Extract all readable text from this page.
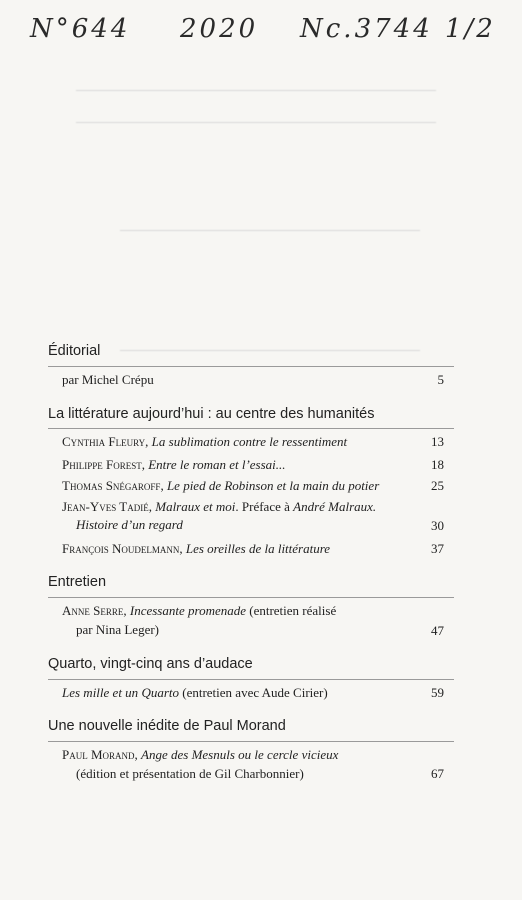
N°644 2020 Nc.3744 1/2
Éditorial
par Michel Crépu	5
La littérature aujourd’hui : au centre des humanités
Cynthia Fleury, La sublimation contre le ressentiment	13
Philippe Forest, Entre le roman et l’essai...	18
Thomas Snégaroff, Le pied de Robinson et la main du potier	25
Jean-Yves Tadié, Malraux et moi. Préface à André Malraux.
Histoire d’un regard	30
François Noudelmann, Les oreilles de la littérature	37
Entretien
Anne Serre, Incessante promenade (entretien réalisé
par Nina Leger)	47
Quarto, vingt-cinq ans d’audace
Les mille et un Quarto (entretien avec Aude Cirier)	59
Une nouvelle inédite de Paul Morand
Paul Morand, Ange des Mesnuls ou le cercle vicieux
(édition et présentation de Gil Charbonnier)	67
